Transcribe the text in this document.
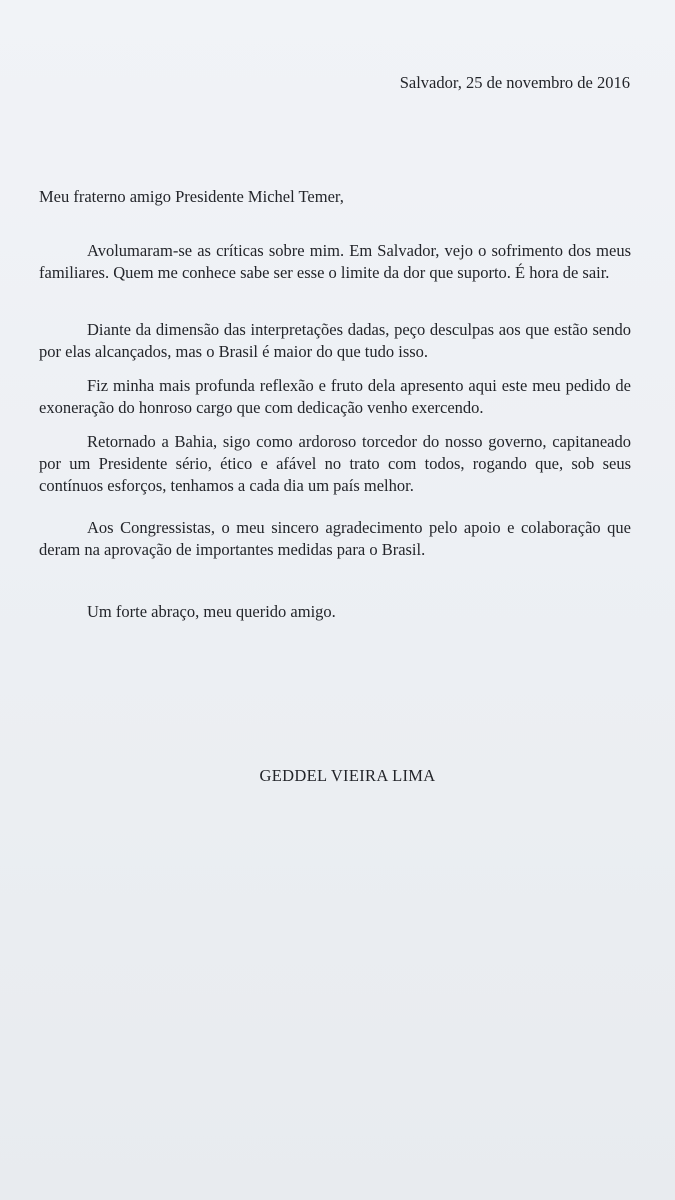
Salvador, 25 de novembro de 2016

Meu fraterno amigo Presidente Michel Temer,

Avolumaram-se as críticas sobre mim. Em Salvador, vejo o sofrimento dos meus familiares. Quem me conhece sabe ser esse o limite da dor que suporto. É hora de sair.

Diante da dimensão das interpretações dadas, peço desculpas aos que estão sendo por elas alcançados, mas o Brasil é maior do que tudo isso.

Fiz minha mais profunda reflexão e fruto dela apresento aqui este meu pedido de exoneração do honroso cargo que com dedicação venho exercendo.

Retornado a Bahia, sigo como ardoroso torcedor do nosso governo, capitaneado por um Presidente sério, ético e afável no trato com todos, rogando que, sob seus contínuos esforços, tenhamos a cada dia um país melhor.

Aos Congressistas, o meu sincero agradecimento pelo apoio e colaboração que deram na aprovação de importantes medidas para o Brasil.

Um forte abraço, meu querido amigo.

GEDDEL VIEIRA LIMA
